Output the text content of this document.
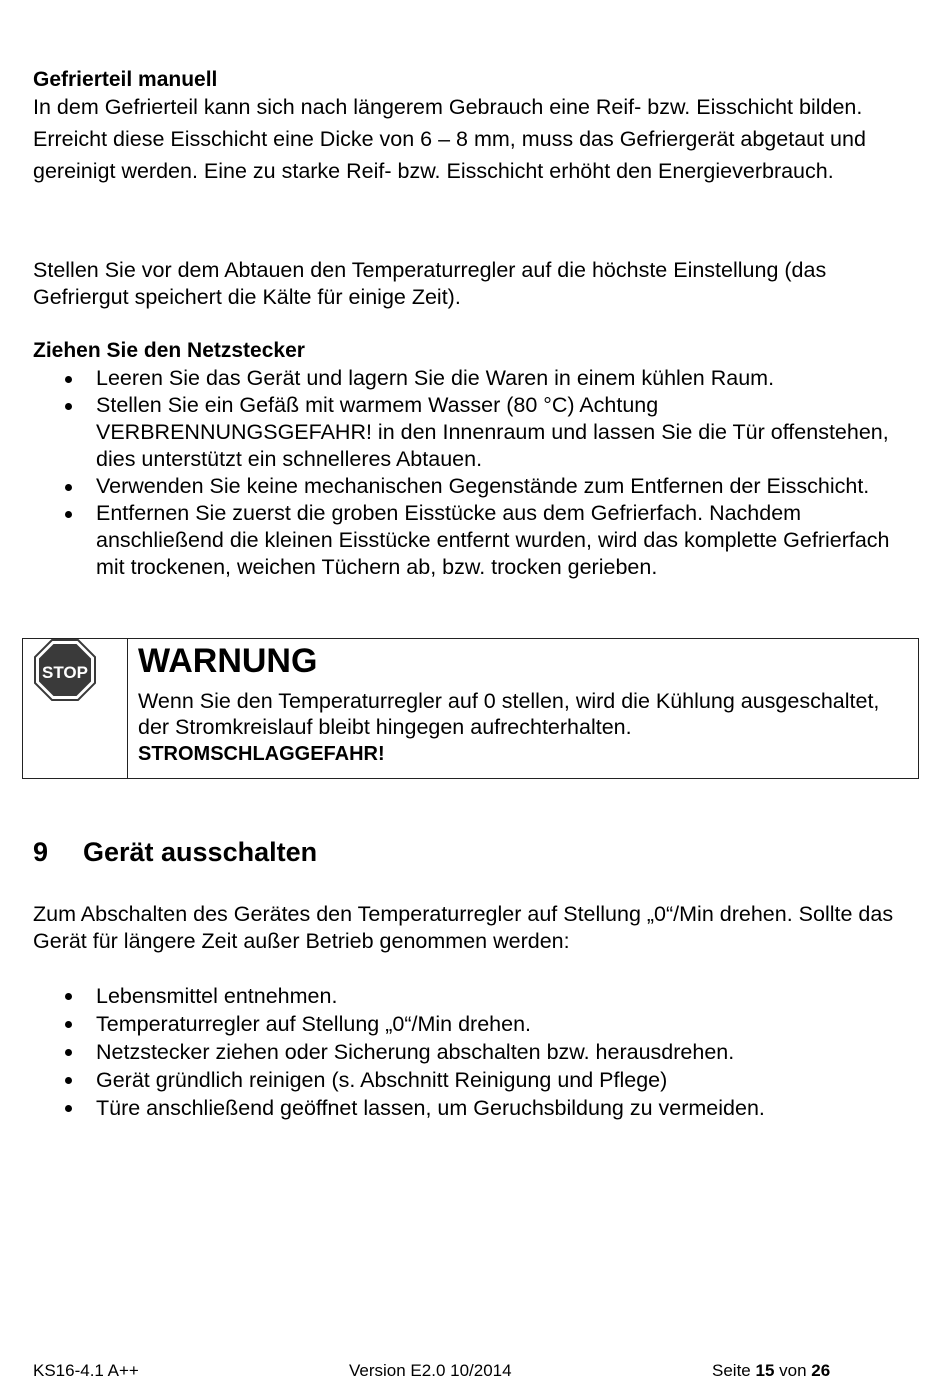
Gefrierteil manuell
In dem Gefrierteil kann sich nach längerem Gebrauch eine Reif- bzw. Eisschicht bilden. Erreicht diese Eisschicht eine Dicke von 6 – 8 mm, muss das Gefriergerät abgetaut und gereinigt werden. Eine zu starke Reif- bzw. Eisschicht erhöht den Energieverbrauch.
Stellen Sie vor dem Abtauen den Temperaturregler auf die höchste Einstellung (das Gefriergut speichert die Kälte für einige Zeit).
Ziehen Sie den Netzstecker
Leeren Sie das Gerät und lagern Sie die Waren in einem kühlen Raum.
Stellen Sie ein Gefäß mit warmem Wasser (80 °C) Achtung VERBRENNUNGSGEFAHR! in den Innenraum und lassen Sie die Tür offenstehen, dies unterstützt ein schnelleres Abtauen.
Verwenden Sie keine mechanischen Gegenstände zum Entfernen der Eisschicht.
Entfernen Sie zuerst die groben Eisstücke aus dem Gefrierfach. Nachdem anschließend die kleinen Eisstücke entfernt wurden, wird das komplette Gefrierfach mit trockenen, weichen Tüchern ab, bzw. trocken gerieben.
STOP WARNUNG
Wenn Sie den Temperaturregler auf 0 stellen, wird die Kühlung ausgeschaltet, der Stromkreislauf bleibt hingegen aufrechterhalten.
STROMSCHLAGGEFAHR!
9 Gerät ausschalten
Zum Abschalten des Gerätes den Temperaturregler auf Stellung „0“/Min drehen. Sollte das Gerät für längere Zeit außer Betrieb genommen werden:
Lebensmittel entnehmen.
Temperaturregler auf Stellung „0“/Min drehen.
Netzstecker ziehen oder Sicherung abschalten bzw. herausdrehen.
Gerät gründlich reinigen (s. Abschnitt Reinigung und Pflege)
Türe anschließend geöffnet lassen, um Geruchsbildung zu vermeiden.
KS16-4.1 A++	Version E2.0 10/2014	Seite 15 von 26
